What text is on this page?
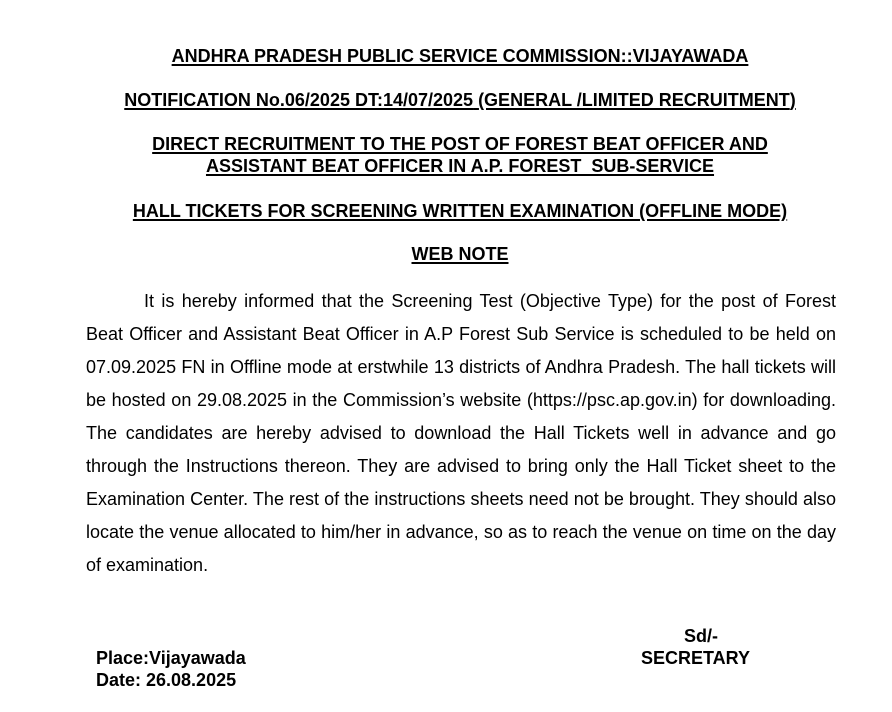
ANDHRA PRADESH PUBLIC SERVICE COMMISSION::VIJAYAWADA
NOTIFICATION No.06/2025 DT:14/07/2025 (GENERAL /LIMITED RECRUITMENT)
DIRECT RECRUITMENT TO THE POST OF FOREST BEAT OFFICER AND
ASSISTANT BEAT OFFICER IN A.P. FOREST  SUB-SERVICE
HALL TICKETS FOR SCREENING WRITTEN EXAMINATION (OFFLINE MODE)
WEB NOTE
It is hereby informed that the Screening Test (Objective Type) for the post of Forest Beat Officer and Assistant Beat Officer in A.P Forest Sub Service is scheduled to be held on 07.09.2025 FN in Offline mode at erstwhile 13 districts of Andhra Pradesh. The hall tickets will be hosted on 29.08.2025 in the Commission’s website (https://psc.ap.gov.in) for downloading. The candidates are hereby advised to download the Hall Tickets well in advance and go through the Instructions thereon. They are advised to bring only the Hall Ticket sheet to the Examination Center. The rest of the instructions sheets need not be brought. They should also locate the venue allocated to him/her in advance, so as to reach the venue on time on the day of examination.
Place:Vijayawada
Date: 26.08.2025
Sd/-
SECRETARY
